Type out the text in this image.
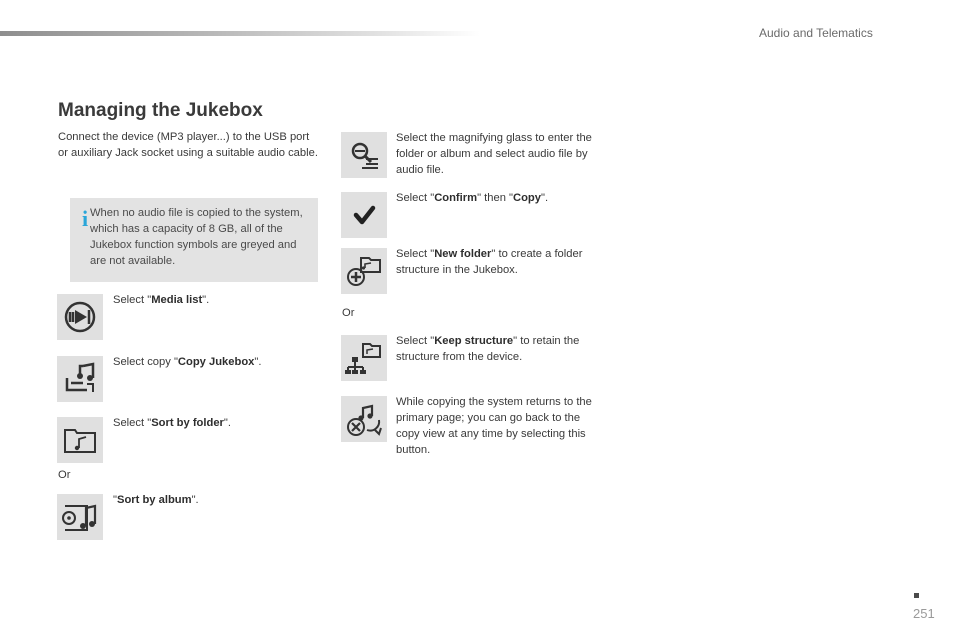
Audio and Telematics
Managing the Jukebox
Connect the device (MP3 player...) to the USB port or auxiliary Jack socket using a suitable audio cable.
i When no audio file is copied to the system, which has a capacity of 8 GB, all of the Jukebox function symbols are greyed and are not available.
Select "Media list".
Select copy "Copy Jukebox".
Select "Sort by folder".
Or
"Sort by album".
Select the magnifying glass to enter the folder or album and select audio file by audio file.
Select "Confirm" then "Copy".
Select "New folder" to create a folder structure in the Jukebox.
Or
Select "Keep structure" to retain the structure from the device.
While copying the system returns to the primary page; you can go back to the copy view at any time by selecting this button.
251
